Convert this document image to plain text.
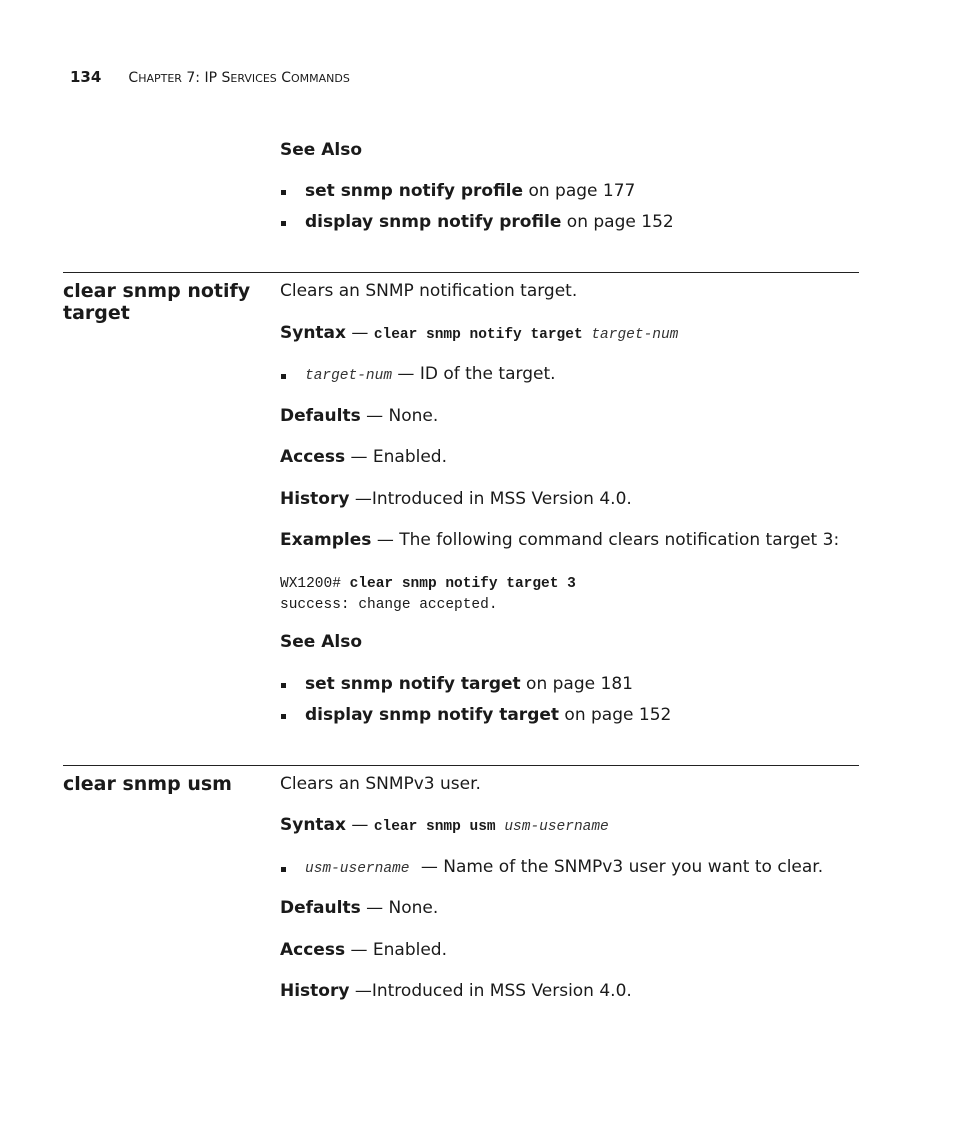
134 CHAPTER 7: IP SERVICES COMMANDS
See Also
set snmp notify profile on page 177
display snmp notify profile on page 152
clear snmp notify target
Clears an SNMP notification target.
Syntax — clear snmp notify target target-num
target-num — ID of the target.
Defaults — None.
Access — Enabled.
History —Introduced in MSS Version 4.0.
Examples — The following command clears notification target 3:
WX1200# clear snmp notify target 3
success: change accepted.
See Also
set snmp notify target on page 181
display snmp notify target on page 152
clear snmp usm	Clears an SNMPv3 user.
Syntax — clear snmp usm usm-username
usm-username — Name of the SNMPv3 user you want to clear.
Defaults — None.
Access — Enabled.
History —Introduced in MSS Version 4.0.
